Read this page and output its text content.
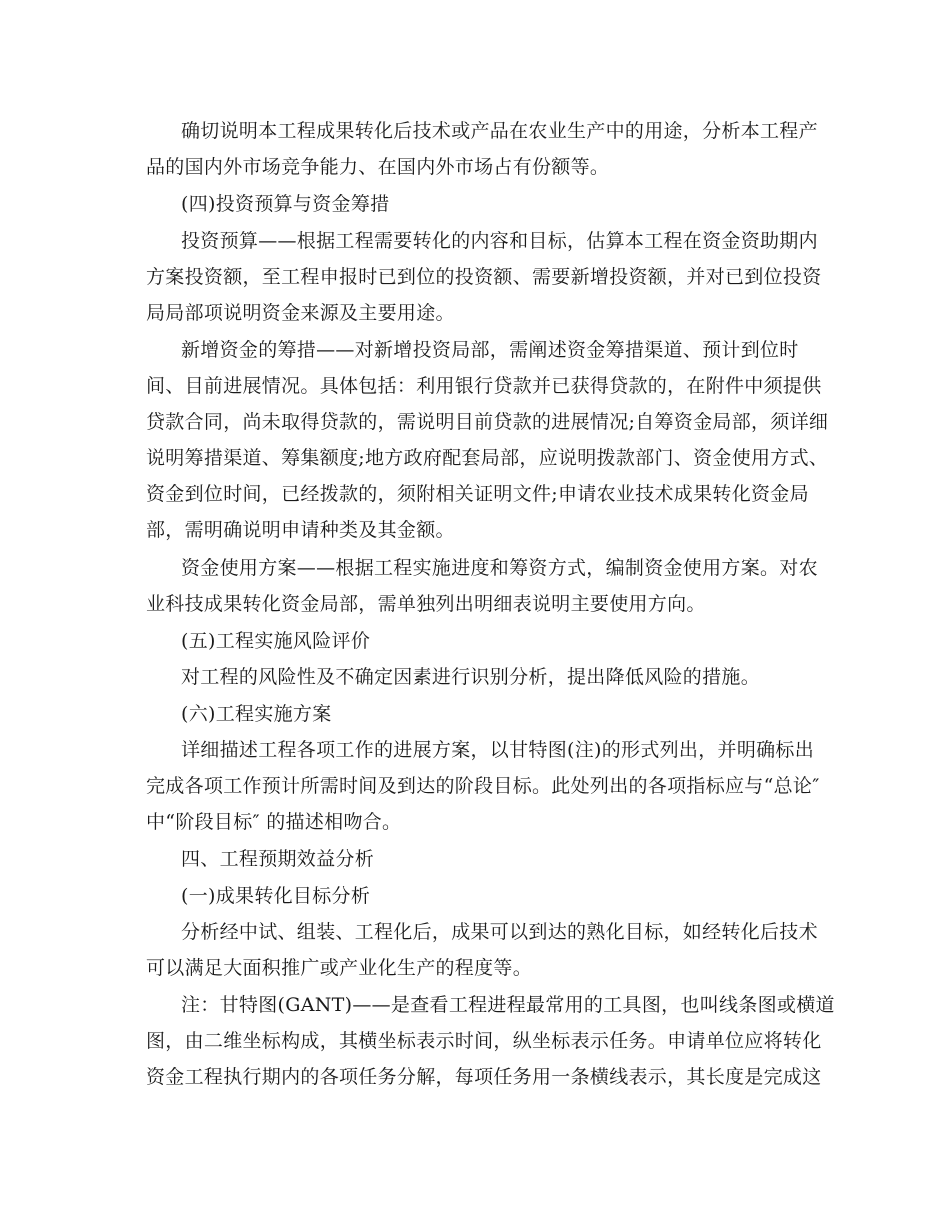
确切说明本工程成果转化后技术或产品在农业生产中的用途，分析本工程产
品的国内外市场竞争能力、在国内外市场占有份额等。
(四)投资预算与资金筹措
投资预算——根据工程需要转化的内容和目标，估算本工程在资金资助期内
方案投资额，至工程申报时已到位的投资额、需要新增投资额，并对已到位投资
局局部项说明资金来源及主要用途。
新增资金的筹措——对新增投资局部，需阐述资金筹措渠道、预计到位时
间、目前进展情况。具体包括：利用银行贷款并已获得贷款的，在附件中须提供
贷款合同，尚未取得贷款的，需说明目前贷款的进展情况;自筹资金局部，须详细
说明筹措渠道、筹集额度;地方政府配套局部，应说明拨款部门、资金使用方式、
资金到位时间，已经拨款的，须附相关证明文件;申请农业技术成果转化资金局
部，需明确说明申请种类及其金额。
资金使用方案——根据工程实施进度和筹资方式，编制资金使用方案。对农
业科技成果转化资金局部，需单独列出明细表说明主要使用方向。
(五)工程实施风险评价
对工程的风险性及不确定因素进行识别分析，提出降低风险的措施。
(六)工程实施方案
详细描述工程各项工作的进展方案，以甘特图(注)的形式列出，并明确标出
完成各项工作预计所需时间及到达的阶段目标。此处列出的各项指标应与“总论″
中“阶段目标″ 的描述相吻合。
四、工程预期效益分析
(一)成果转化目标分析
分析经中试、组装、工程化后，成果可以到达的熟化目标，如经转化后技术
可以满足大面积推广或产业化生产的程度等。
注：甘特图(GANT)——是查看工程进程最常用的工具图，也叫线条图或横道
图，由二维坐标构成，其横坐标表示时间，纵坐标表示任务。申请单位应将转化
资金工程执行期内的各项任务分解，每项任务用一条横线表示，其长度是完成这
